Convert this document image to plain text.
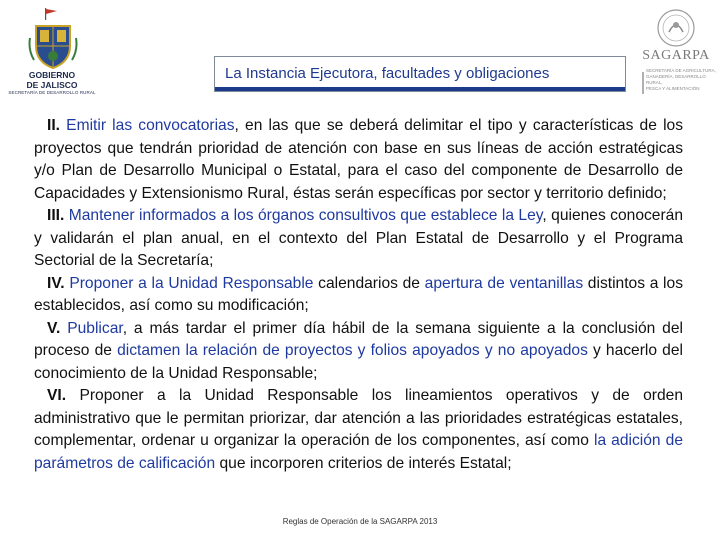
GOBIERNO
DE JALISCO
SECRETARÍA DE DESARROLLO RURAL
La Instancia Ejecutora, facultades y obligaciones
SAGARPA
SECRETARÍA DE AGRICULTURA,
GANADERÍA, DESARROLLO RURAL,
PESCA Y ALIMENTACIÓN

II. Emitir las convocatorias, en las que se deberá delimitar el tipo y características de los proyectos que tendrán prioridad de atención con base en sus líneas de acción estratégicas y/o Plan de Desarrollo Municipal o Estatal, para el caso del componente de Desarrollo de Capacidades y Extensionismo Rural, éstas serán específicas por sector y territorio definido;

III. Mantener informados a los órganos consultivos que establece la Ley, quienes conocerán y validarán el plan anual, en el contexto del Plan Estatal de Desarrollo y el Programa Sectorial de la Secretaría;

IV. Proponer a la Unidad Responsable calendarios de apertura de ventanillas distintos a los establecidos, así como su modificación;

V. Publicar, a más tardar el primer día hábil de la semana siguiente a la conclusión del proceso de dictamen la relación de proyectos y folios apoyados y no apoyados y hacerlo del conocimiento de la Unidad Responsable;

VI. Proponer a la Unidad Responsable los lineamientos operativos y de orden administrativo que le permitan priorizar, dar atención a las prioridades estratégicas estatales, complementar, ordenar u organizar la operación de los componentes, así como la adición de parámetros de calificación que incorporen criterios de interés Estatal;

Reglas de Operación de la SAGARPA 2013
